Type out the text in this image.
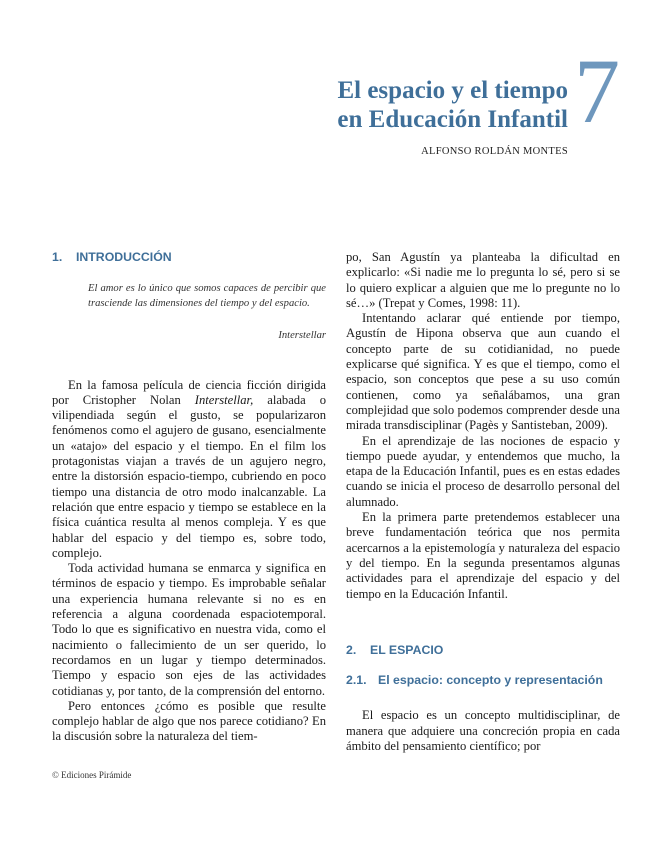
El espacio y el tiempo
en Educación Infantil 7
ALFONSO ROLDÁN MONTES
1. INTRODUCCIÓN

El amor es lo único que somos capaces de percibir que trasciende las dimensiones del tiempo y del espacio.

Interstellar

En la famosa película de ciencia ficción dirigida por Cristopher Nolan Interstellar, alabada o vilipendiada según el gusto, se popularizaron fenómenos como el agujero de gusano, esencialmente un «atajo» del espacio y el tiempo. En el film los protagonistas viajan a través de un agujero negro, entre la distorsión espacio-tiempo, cubriendo en poco tiempo una distancia de otro modo inalcanzable. La relación que entre espacio y tiempo se establece en la física cuántica resulta al menos compleja. Y es que hablar del espacio y del tiempo es, sobre todo, complejo.

Toda actividad humana se enmarca y significa en términos de espacio y tiempo. Es improbable señalar una experiencia humana relevante si no es en referencia a alguna coordenada espaciotemporal. Todo lo que es significativo en nuestra vida, como el nacimiento o fallecimiento de un ser querido, lo recordamos en un lugar y tiempo determinados. Tiempo y espacio son ejes de las actividades cotidianas y, por tanto, de la comprensión del entorno.

Pero entonces ¿cómo es posible que resulte complejo hablar de algo que nos parece cotidiano? En la discusión sobre la naturaleza del tiem-

po, San Agustín ya planteaba la dificultad en explicarlo: «Si nadie me lo pregunta lo sé, pero si se lo quiero explicar a alguien que me lo pregunte no lo sé…» (Trepat y Comes, 1998: 11).

Intentando aclarar qué entiende por tiempo, Agustín de Hipona observa que aun cuando el concepto parte de su cotidianidad, no puede explicarse qué significa. Y es que el tiempo, como el espacio, son conceptos que pese a su uso común contienen, como ya señalábamos, una gran complejidad que solo podemos comprender desde una mirada transdisciplinar (Pagès y Santisteban, 2009).

En el aprendizaje de las nociones de espacio y tiempo puede ayudar, y entendemos que mucho, la etapa de la Educación Infantil, pues es en estas edades cuando se inicia el proceso de desarrollo personal del alumnado.

En la primera parte pretendemos establecer una breve fundamentación teórica que nos permita acercarnos a la epistemología y naturaleza del espacio y del tiempo. En la segunda presentamos algunas actividades para el aprendizaje del espacio y del tiempo en la Educación Infantil.

2. EL ESPACIO
2.1. El espacio: concepto y representación

El espacio es un concepto multidisciplinar, de manera que adquiere una concreción propia en cada ámbito del pensamiento científico; por

© Ediciones Pirámide
